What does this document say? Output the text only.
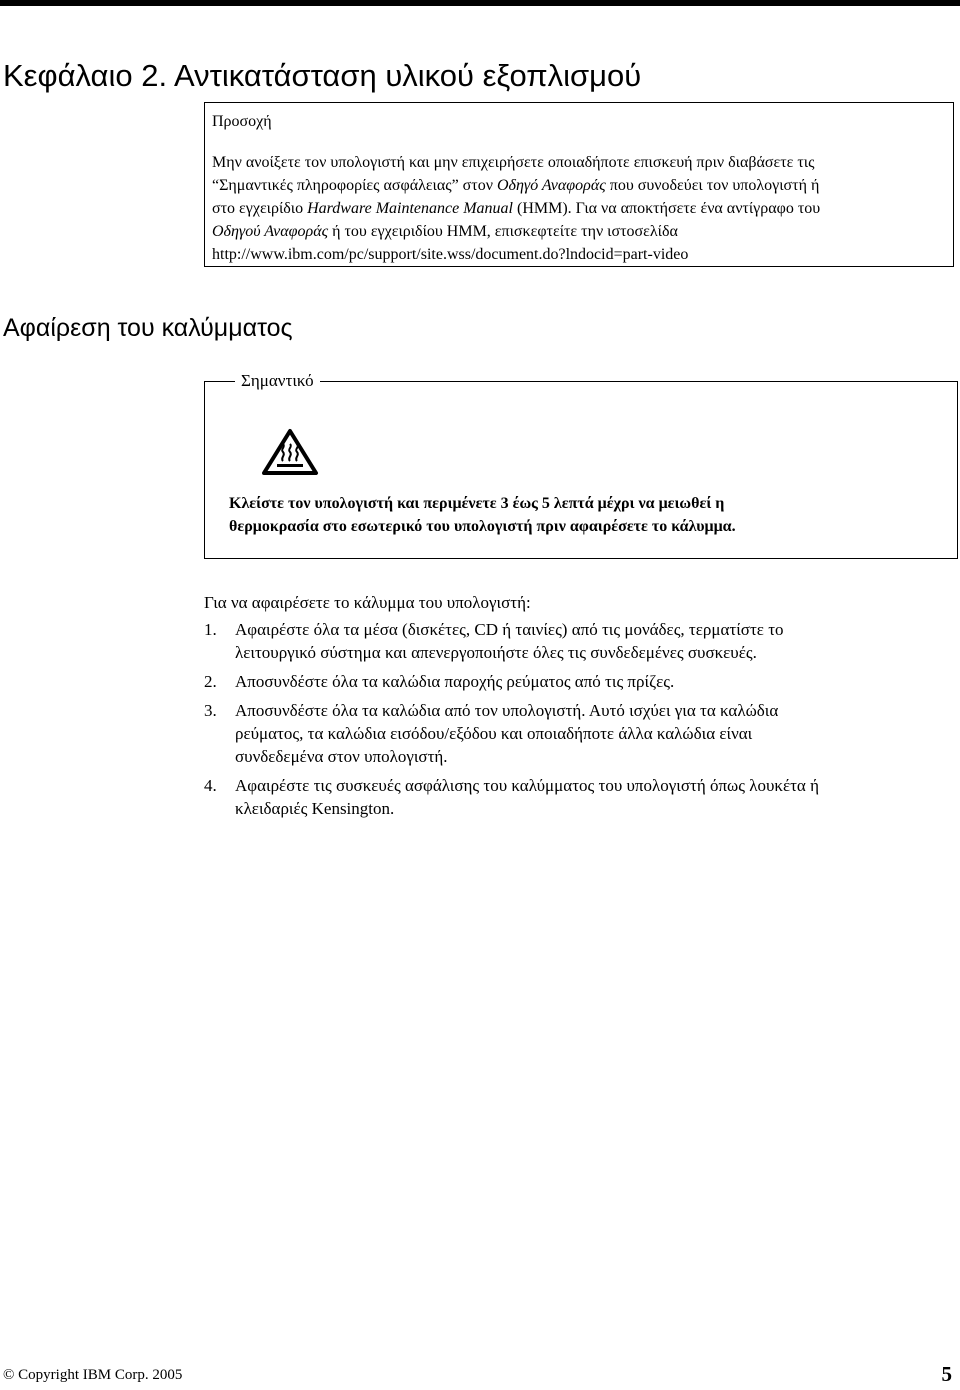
Κεφάλαιο 2. Αντικατάσταση υλικού εξοπλισμού
Προσοχή

Μην ανοίξετε τον υπολογιστή και μην επιχειρήσετε οποιαδήποτε επισκευή πριν διαβάσετε τις
“Σημαντικές πληροφορίες ασφάλειας” στον Οδηγό Αναφοράς που συνοδεύει τον υπολογιστή ή
στο εγχειρίδιο Hardware Maintenance Manual (HMM). Για να αποκτήσετε ένα αντίγραφο του
Οδηγού Αναφοράς ή του εγχειριδίου HMM, επισκεφτείτε την ιστοσελίδα
http://www.ibm.com/pc/support/site.wss/document.do?lndocid=part-video

Αφαίρεση του καλύμματος
Σημαντικό

Κλείστε τον υπολογιστή και περιμένετε 3 έως 5 λεπτά μέχρι να μειωθεί η
θερμοκρασία στο εσωτερικό του υπολογιστή πριν αφαιρέσετε το κάλυμμα.

Για να αφαιρέσετε το κάλυμμα του υπολογιστή:
1. Αφαιρέστε όλα τα μέσα (δισκέτες, CD ή ταινίες) από τις μονάδες, τερματίστε το
λειτουργικό σύστημα και απενεργοποιήστε όλες τις συνδεδεμένες συσκευές.
2. Αποσυνδέστε όλα τα καλώδια παροχής ρεύματος από τις πρίζες.
3. Αποσυνδέστε όλα τα καλώδια από τον υπολογιστή. Αυτό ισχύει για τα καλώδια
ρεύματος, τα καλώδια εισόδου/εξόδου και οποιαδήποτε άλλα καλώδια είναι
συνδεδεμένα στον υπολογιστή.
4. Αφαιρέστε τις συσκευές ασφάλισης του καλύμματος του υπολογιστή όπως λουκέτα ή
κλειδαριές Kensington.
© Copyright IBM Corp. 2005	5
